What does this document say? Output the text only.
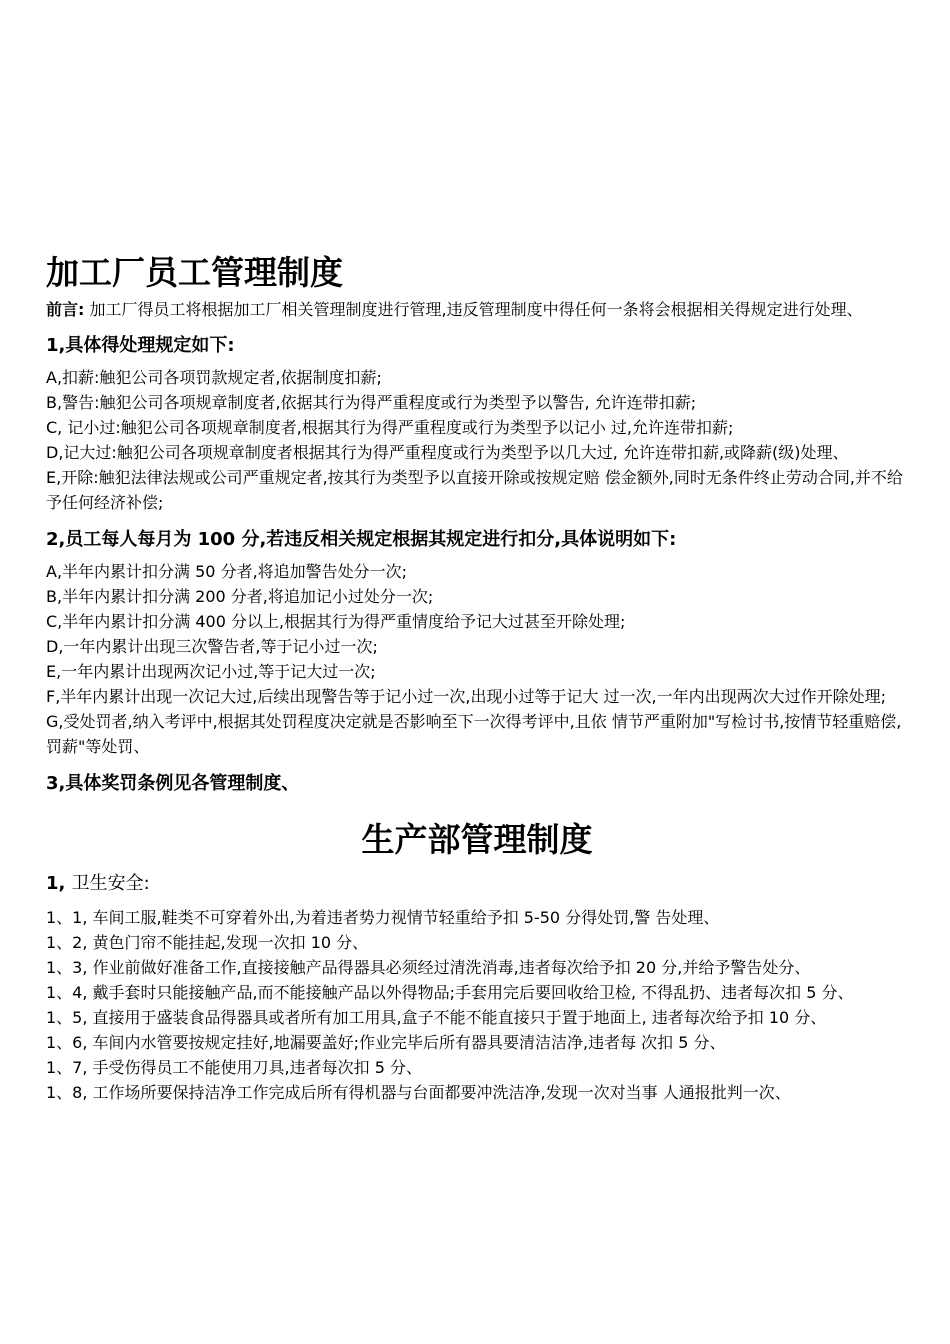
加工厂员工管理制度

前言: 加工厂得员工将根据加工厂相关管理制度进行管理,违反管理制度中得任何一条将会根据相关得规定进行处理、

1,具体得处理规定如下:

A,扣薪:触犯公司各项罚款规定者,依据制度扣薪;

B,警告:触犯公司各项规章制度者,依据其行为得严重程度或行为类型予以警告, 允许连带扣薪;

C, 记小过:触犯公司各项规章制度者,根据其行为得严重程度或行为类型予以记小 过,允许连带扣薪;

D,记大过:触犯公司各项规章制度者根据其行为得严重程度或行为类型予以几大过, 允许连带扣薪,或降薪(级)处理、

E,开除:触犯法律法规或公司严重规定者,按其行为类型予以直接开除或按规定赔 偿金额外,同时无条件终止劳动合同,并不给予任何经济补偿;

2,员工每人每月为 100 分,若违反相关规定根据其规定进行扣分,具体说明如下:

A,半年内累计扣分满 50 分者,将追加警告处分一次;

B,半年内累计扣分满 200 分者,将追加记小过处分一次;

C,半年内累计扣分满 400 分以上,根据其行为得严重情度给予记大过甚至开除处理;

D,一年内累计出现三次警告者,等于记小过一次;

E,一年内累计出现两次记小过,等于记大过一次;

F,半年内累计出现一次记大过,后续出现警告等于记小过一次,出现小过等于记大 过一次,一年内出现两次大过作开除处理;

G,受处罚者,纳入考评中,根据其处罚程度决定就是否影响至下一次得考评中,且依 情节严重附加"写检讨书,按情节轻重赔偿,罚薪"等处罚、

3,具体奖罚条例见各管理制度、
生产部管理制度
1, 卫生安全:

1、1, 车间工服,鞋类不可穿着外出,为着违者势力视情节轻重给予扣 5-50 分得处罚,警 告处理、

1、2, 黄色门帘不能挂起,发现一次扣 10 分、

1、3, 作业前做好准备工作,直接接触产品得器具必须经过清洗消毒,违者每次给予扣 20 分,并给予警告处分、

1、4, 戴手套时只能接触产品,而不能接触产品以外得物品;手套用完后要回收给卫检, 不得乱扔、违者每次扣 5 分、

1、5, 直接用于盛装食品得器具或者所有加工用具,盒子不能不能直接只于置于地面上, 违者每次给予扣 10 分、

1、6, 车间内水管要按规定挂好,地漏要盖好;作业完毕后所有器具要清洁洁净,违者每 次扣 5 分、

1、7, 手受伤得员工不能使用刀具,违者每次扣 5 分、

1、8, 工作场所要保持洁净工作完成后所有得机器与台面都要冲洗洁净,发现一次对当事 人通报批判一次、
